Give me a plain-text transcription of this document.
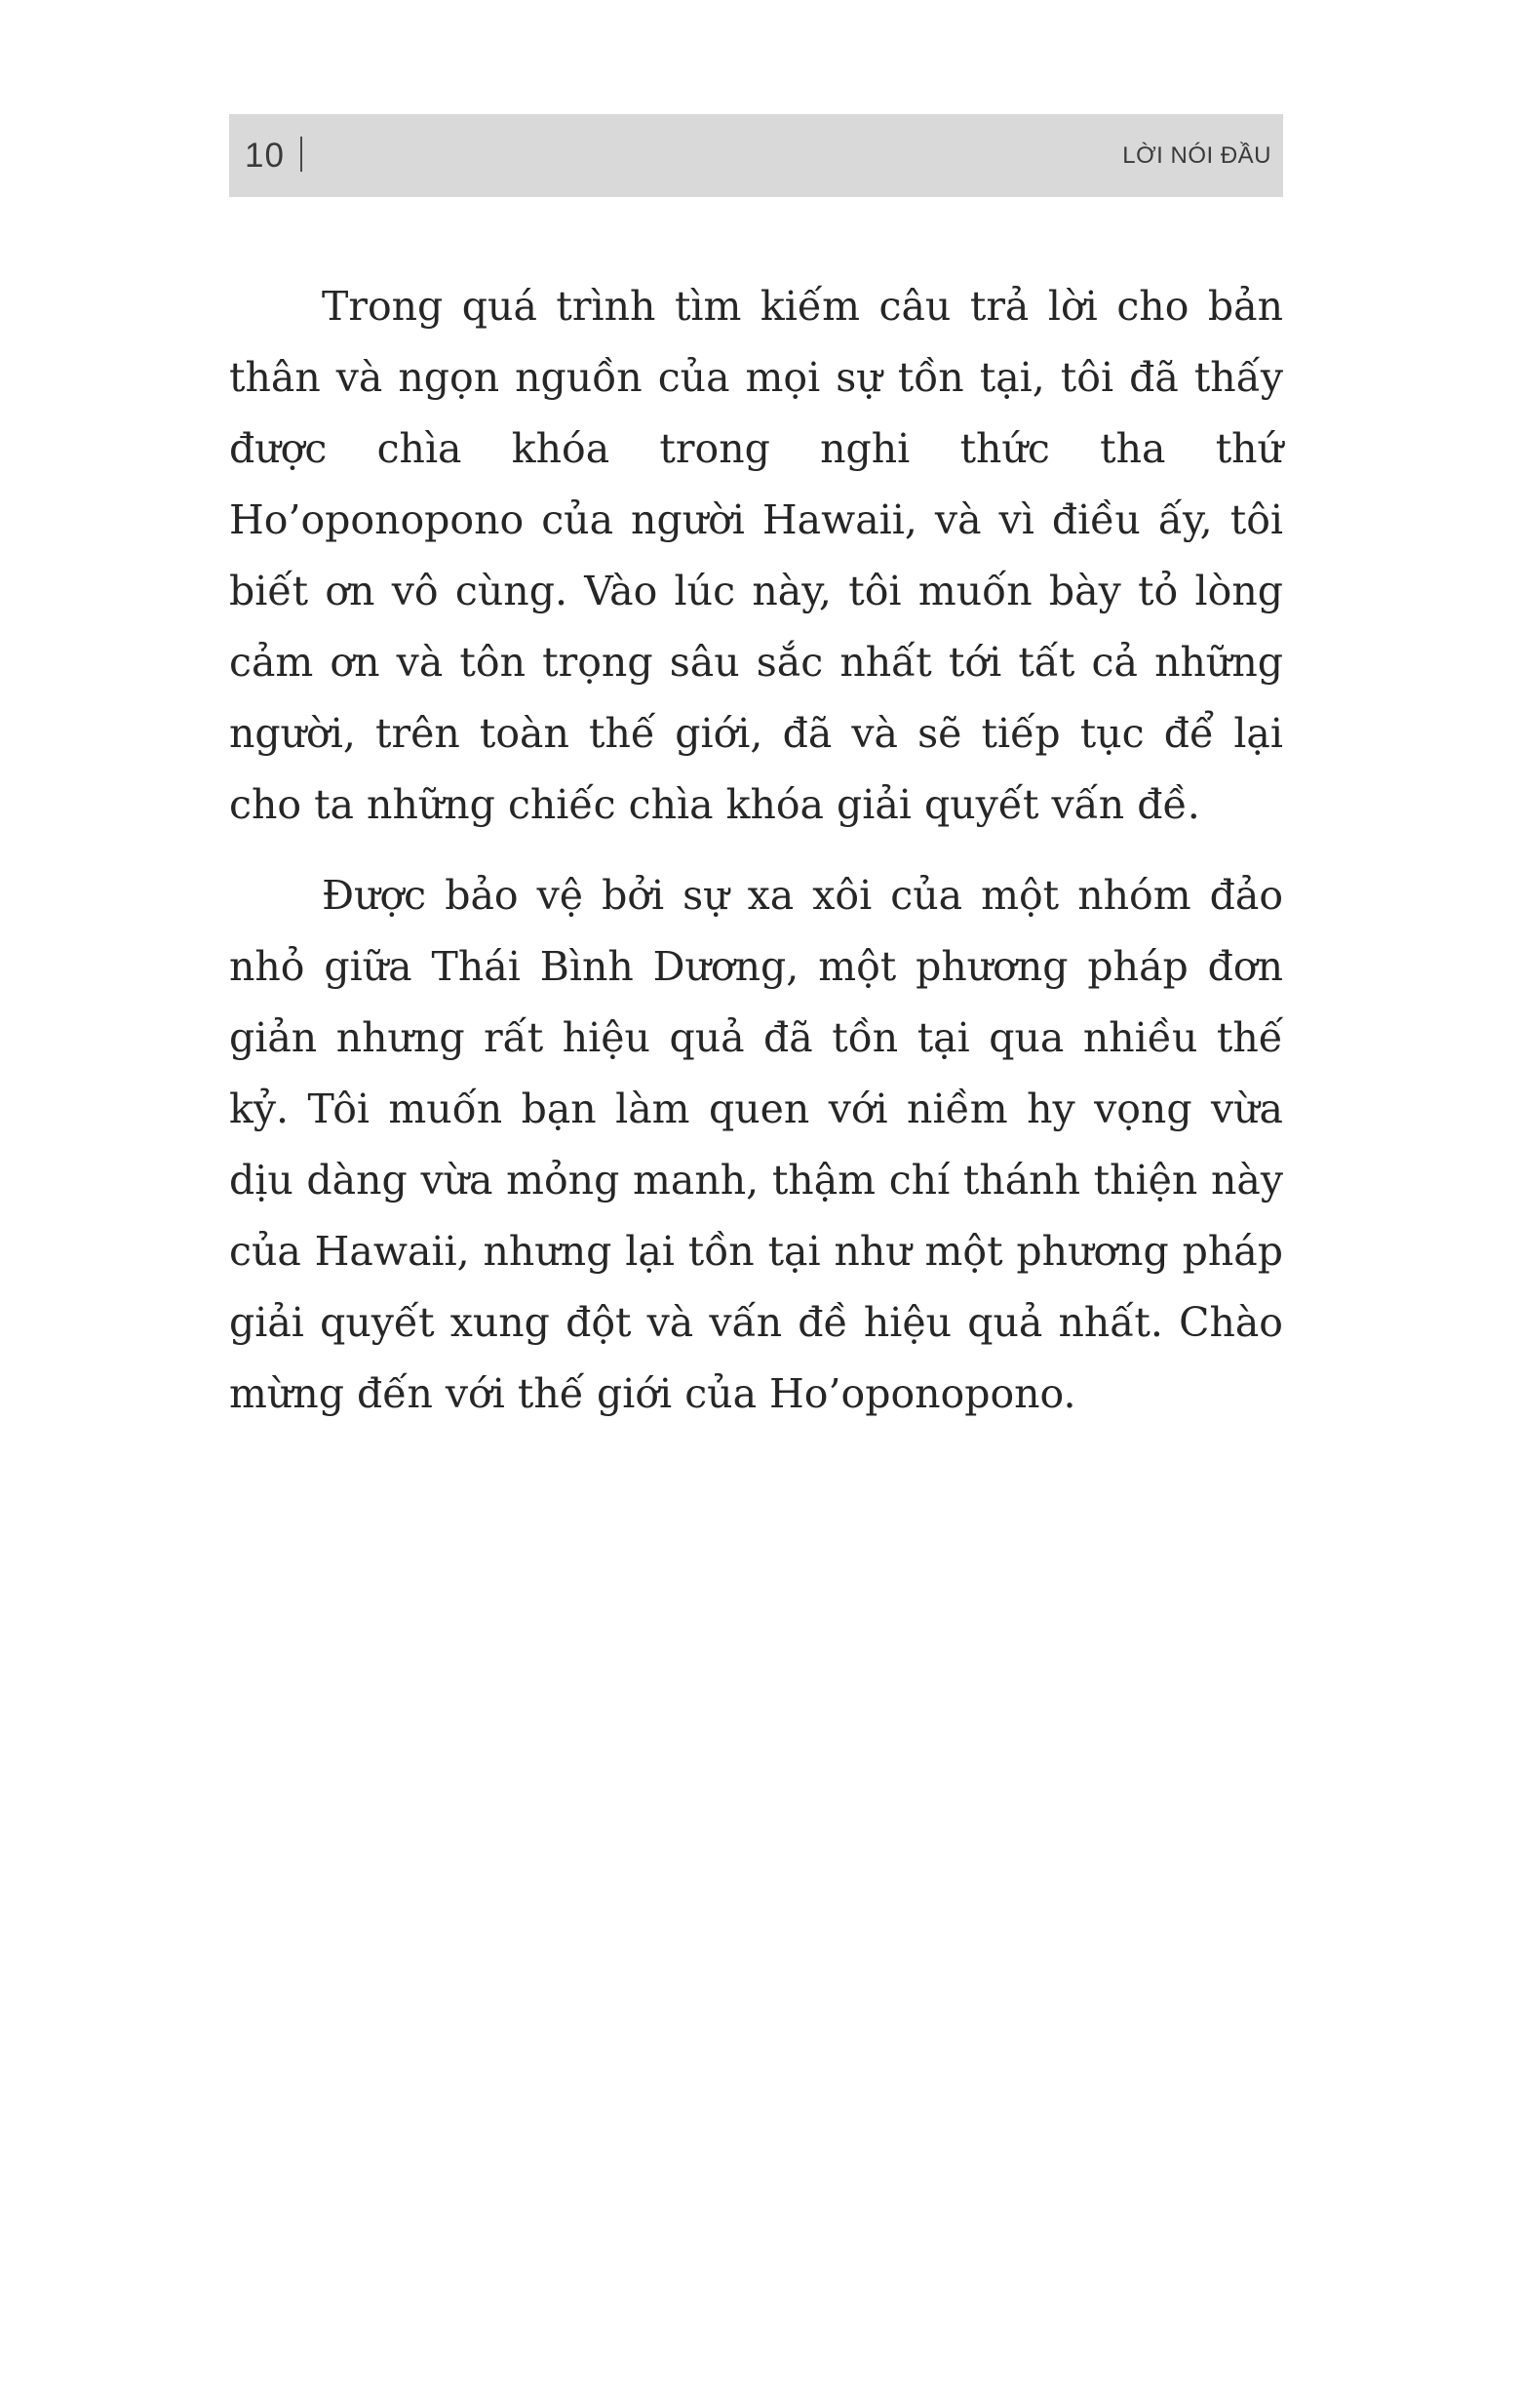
10	LỜI NÓI ĐẦU

Trong quá trình tìm kiếm câu trả lời cho bản thân và ngọn nguồn của mọi sự tồn tại, tôi đã thấy được chìa khóa trong nghi thức tha thứ Ho’oponopono của người Hawaii, và vì điều ấy, tôi biết ơn vô cùng. Vào lúc này, tôi muốn bày tỏ lòng cảm ơn và tôn trọng sâu sắc nhất tới tất cả những người, trên toàn thế giới, đã và sẽ tiếp tục để lại cho ta những chiếc chìa khóa giải quyết vấn đề.

Được bảo vệ bởi sự xa xôi của một nhóm đảo nhỏ giữa Thái Bình Dương, một phương pháp đơn giản nhưng rất hiệu quả đã tồn tại qua nhiều thế kỷ. Tôi muốn bạn làm quen với niềm hy vọng vừa dịu dàng vừa mỏng manh, thậm chí thánh thiện này của Hawaii, nhưng lại tồn tại như một phương pháp giải quyết xung đột và vấn đề hiệu quả nhất. Chào mừng đến với thế giới của Ho’oponopono.
